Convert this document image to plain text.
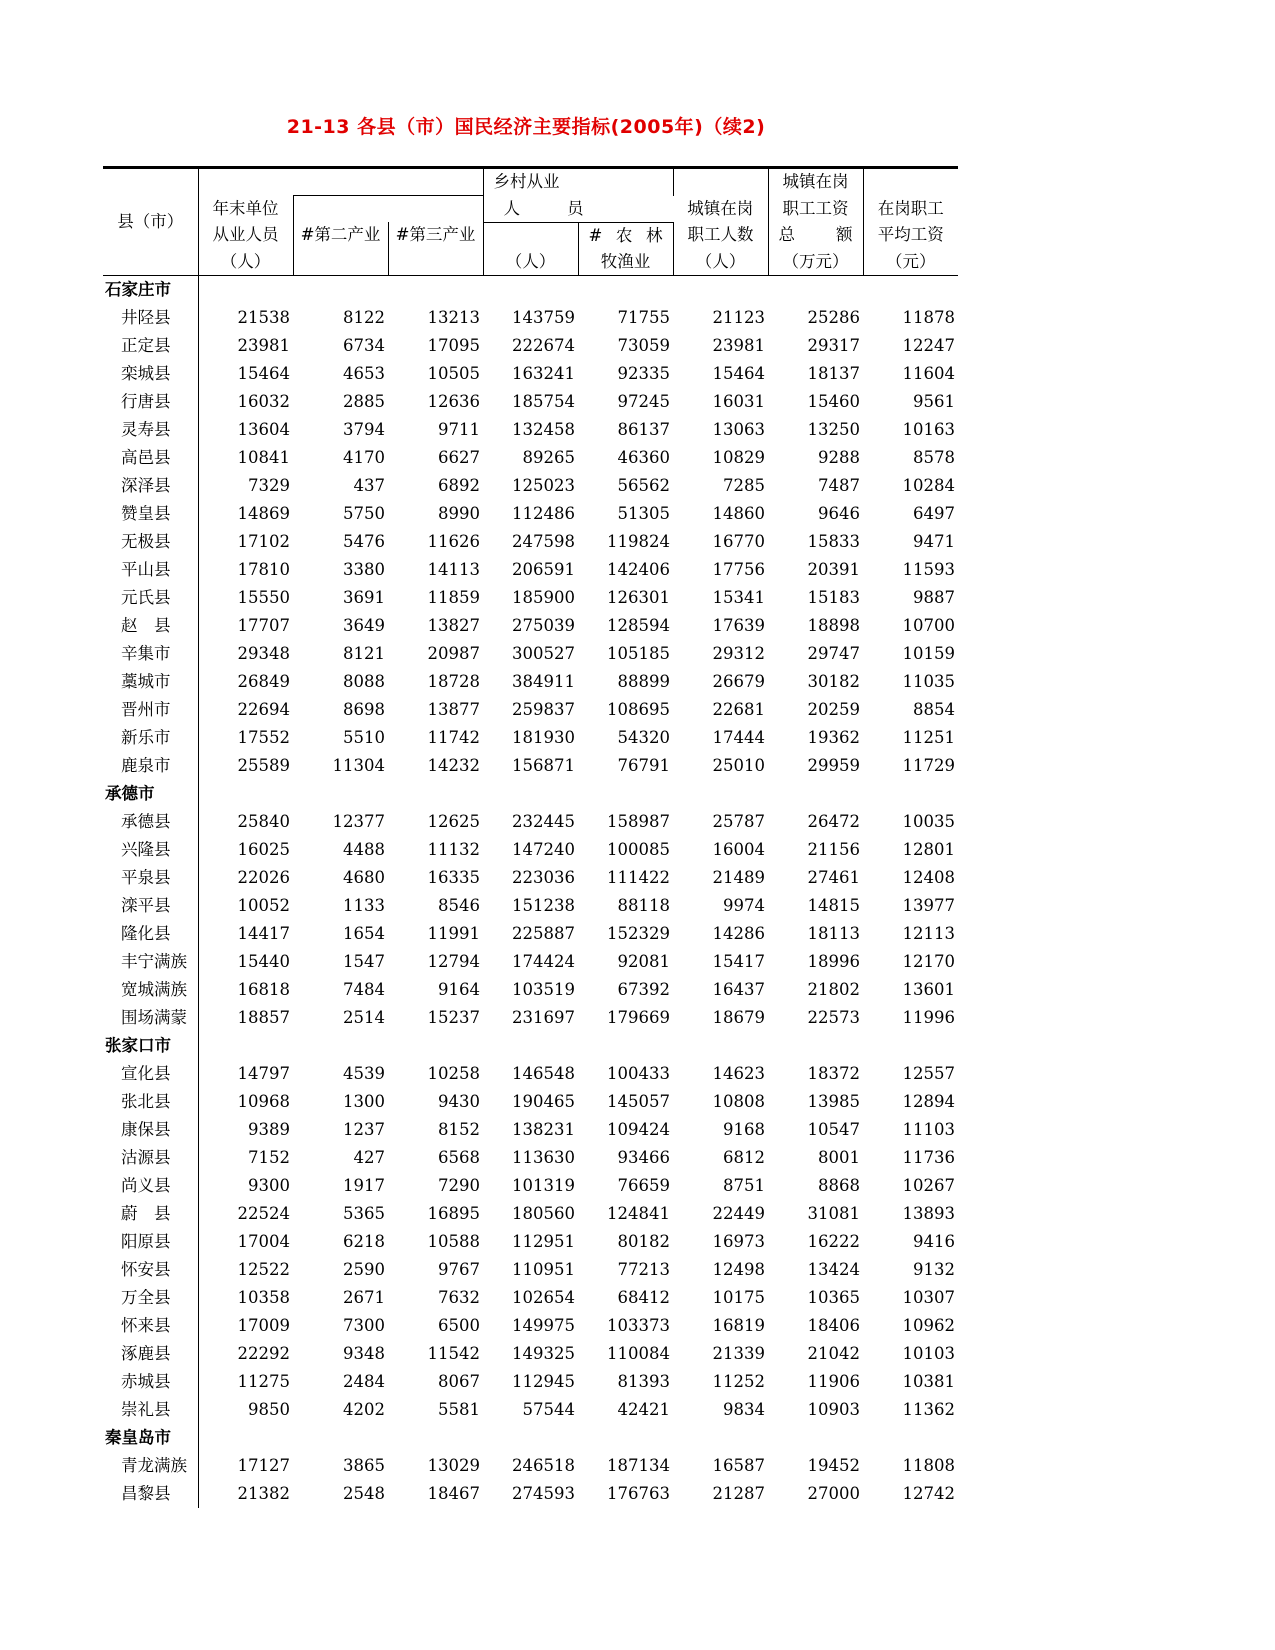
21-13 各县（市）国民经济主要指标(2005年)（续2)
				乡村从业			城镇在岗	
县（市）	年末单位			人 员		城镇在岗	职工工资	在岗职工
	从业人员	#第二产业	#第三产业		# 农 林	职工人数	总 额	平均工资
	（人）			（人）	牧渔业	（人）	（万元）	（元）
石家庄市								
井陉县	21538	8122	13213	143759	71755	21123	25286	11878
正定县	23981	6734	17095	222674	73059	23981	29317	12247
栾城县	15464	4653	10505	163241	92335	15464	18137	11604
行唐县	16032	2885	12636	185754	97245	16031	15460	9561
灵寿县	13604	3794	9711	132458	86137	13063	13250	10163
高邑县	10841	4170	6627	89265	46360	10829	9288	8578
深泽县	7329	437	6892	125023	56562	7285	7487	10284
赞皇县	14869	5750	8990	112486	51305	14860	9646	6497
无极县	17102	5476	11626	247598	119824	16770	15833	9471
平山县	17810	3380	14113	206591	142406	17756	20391	11593
元氏县	15550	3691	11859	185900	126301	15341	15183	9887
赵　县	17707	3649	13827	275039	128594	17639	18898	10700
辛集市	29348	8121	20987	300527	105185	29312	29747	10159
藁城市	26849	8088	18728	384911	88899	26679	30182	11035
晋州市	22694	8698	13877	259837	108695	22681	20259	8854
新乐市	17552	5510	11742	181930	54320	17444	19362	11251
鹿泉市	25589	11304	14232	156871	76791	25010	29959	11729
承德市								
承德县	25840	12377	12625	232445	158987	25787	26472	10035
兴隆县	16025	4488	11132	147240	100085	16004	21156	12801
平泉县	22026	4680	16335	223036	111422	21489	27461	12408
滦平县	10052	1133	8546	151238	88118	9974	14815	13977
隆化县	14417	1654	11991	225887	152329	14286	18113	12113
丰宁满族	15440	1547	12794	174424	92081	15417	18996	12170
宽城满族	16818	7484	9164	103519	67392	16437	21802	13601
围场满蒙	18857	2514	15237	231697	179669	18679	22573	11996
张家口市								
宣化县	14797	4539	10258	146548	100433	14623	18372	12557
张北县	10968	1300	9430	190465	145057	10808	13985	12894
康保县	9389	1237	8152	138231	109424	9168	10547	11103
沽源县	7152	427	6568	113630	93466	6812	8001	11736
尚义县	9300	1917	7290	101319	76659	8751	8868	10267
蔚　县	22524	5365	16895	180560	124841	22449	31081	13893
阳原县	17004	6218	10588	112951	80182	16973	16222	9416
怀安县	12522	2590	9767	110951	77213	12498	13424	9132
万全县	10358	2671	7632	102654	68412	10175	10365	10307
怀来县	17009	7300	6500	149975	103373	16819	18406	10962
涿鹿县	22292	9348	11542	149325	110084	21339	21042	10103
赤城县	11275	2484	8067	112945	81393	11252	11906	10381
崇礼县	9850	4202	5581	57544	42421	9834	10903	11362
秦皇岛市								
青龙满族	17127	3865	13029	246518	187134	16587	19452	11808
昌黎县	21382	2548	18467	274593	176763	21287	27000	12742
